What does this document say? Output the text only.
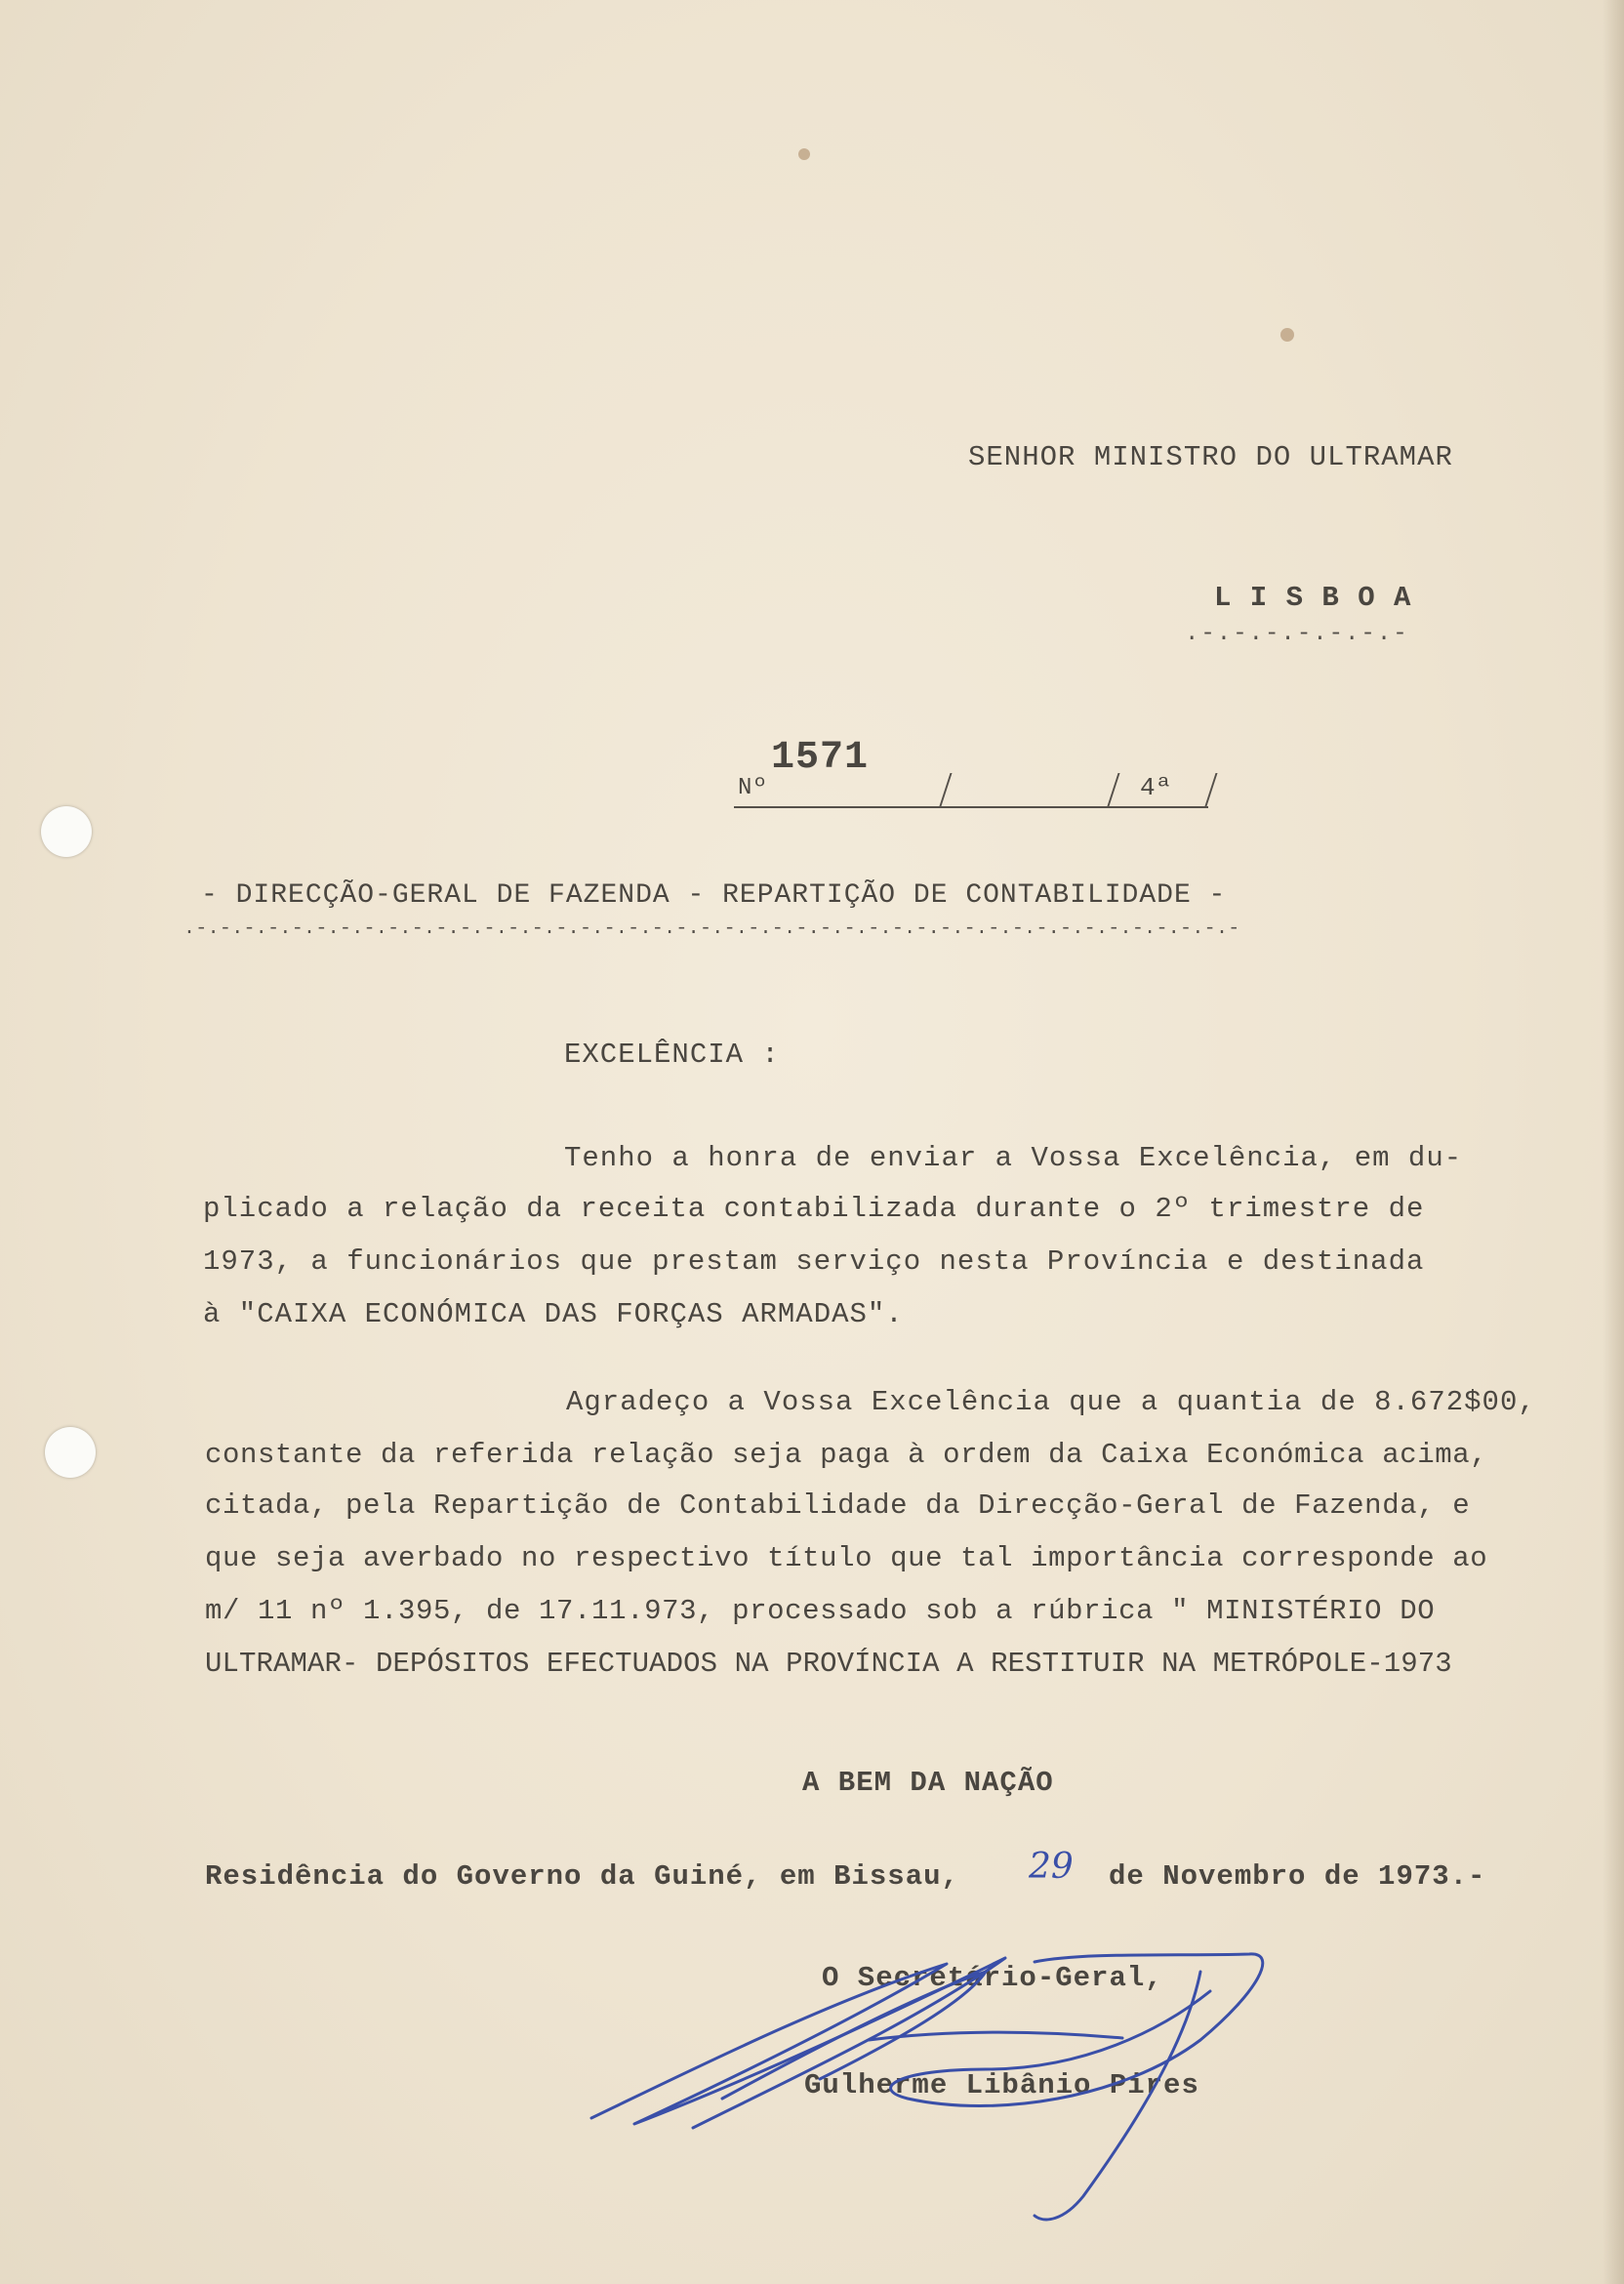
SENHOR MINISTRO DO ULTRAMAR
L I S B O A
.-.-.-.-.-.-.-
Nº
1571
4ª
- DIRECÇÃO-GERAL DE FAZENDA - REPARTIÇÃO DE CONTABILIDADE -
.-.-.-.-.-.-.-.-.-.-.-.-.-.-.-.-.-.-.-.-.-.-.-.-.-.-.-.-.-.-.-.-.-.-.-.-.-.-.-.-.-.-.-.-
EXCELÊNCIA :
Tenho a honra de enviar a Vossa Excelência, em du-
plicado a relação da receita contabilizada durante o 2º trimestre de
1973, a funcionários que prestam serviço nesta Província e destinada
à "CAIXA ECONÓMICA DAS FORÇAS ARMADAS".
Agradeço a Vossa Excelência que a quantia de 8.672$00,
constante da referida relação seja paga à ordem da Caixa Económica acima,
citada, pela Repartição de Contabilidade da Direcção-Geral de Fazenda, e
que seja averbado no respectivo título que tal importância corresponde ao
m/ 11 nº 1.395, de 17.11.973, processado sob a rúbrica " MINISTÉRIO DO
ULTRAMAR- DEPÓSITOS EFECTUADOS NA PROVÍNCIA A RESTITUIR NA METRÓPOLE-1973
A BEM DA NAÇÃO
Residência do Governo da Guiné, em Bissau, 29 de Novembro de 1973.-
O Secretário-Geral,
Gulherme Libânio Pires
